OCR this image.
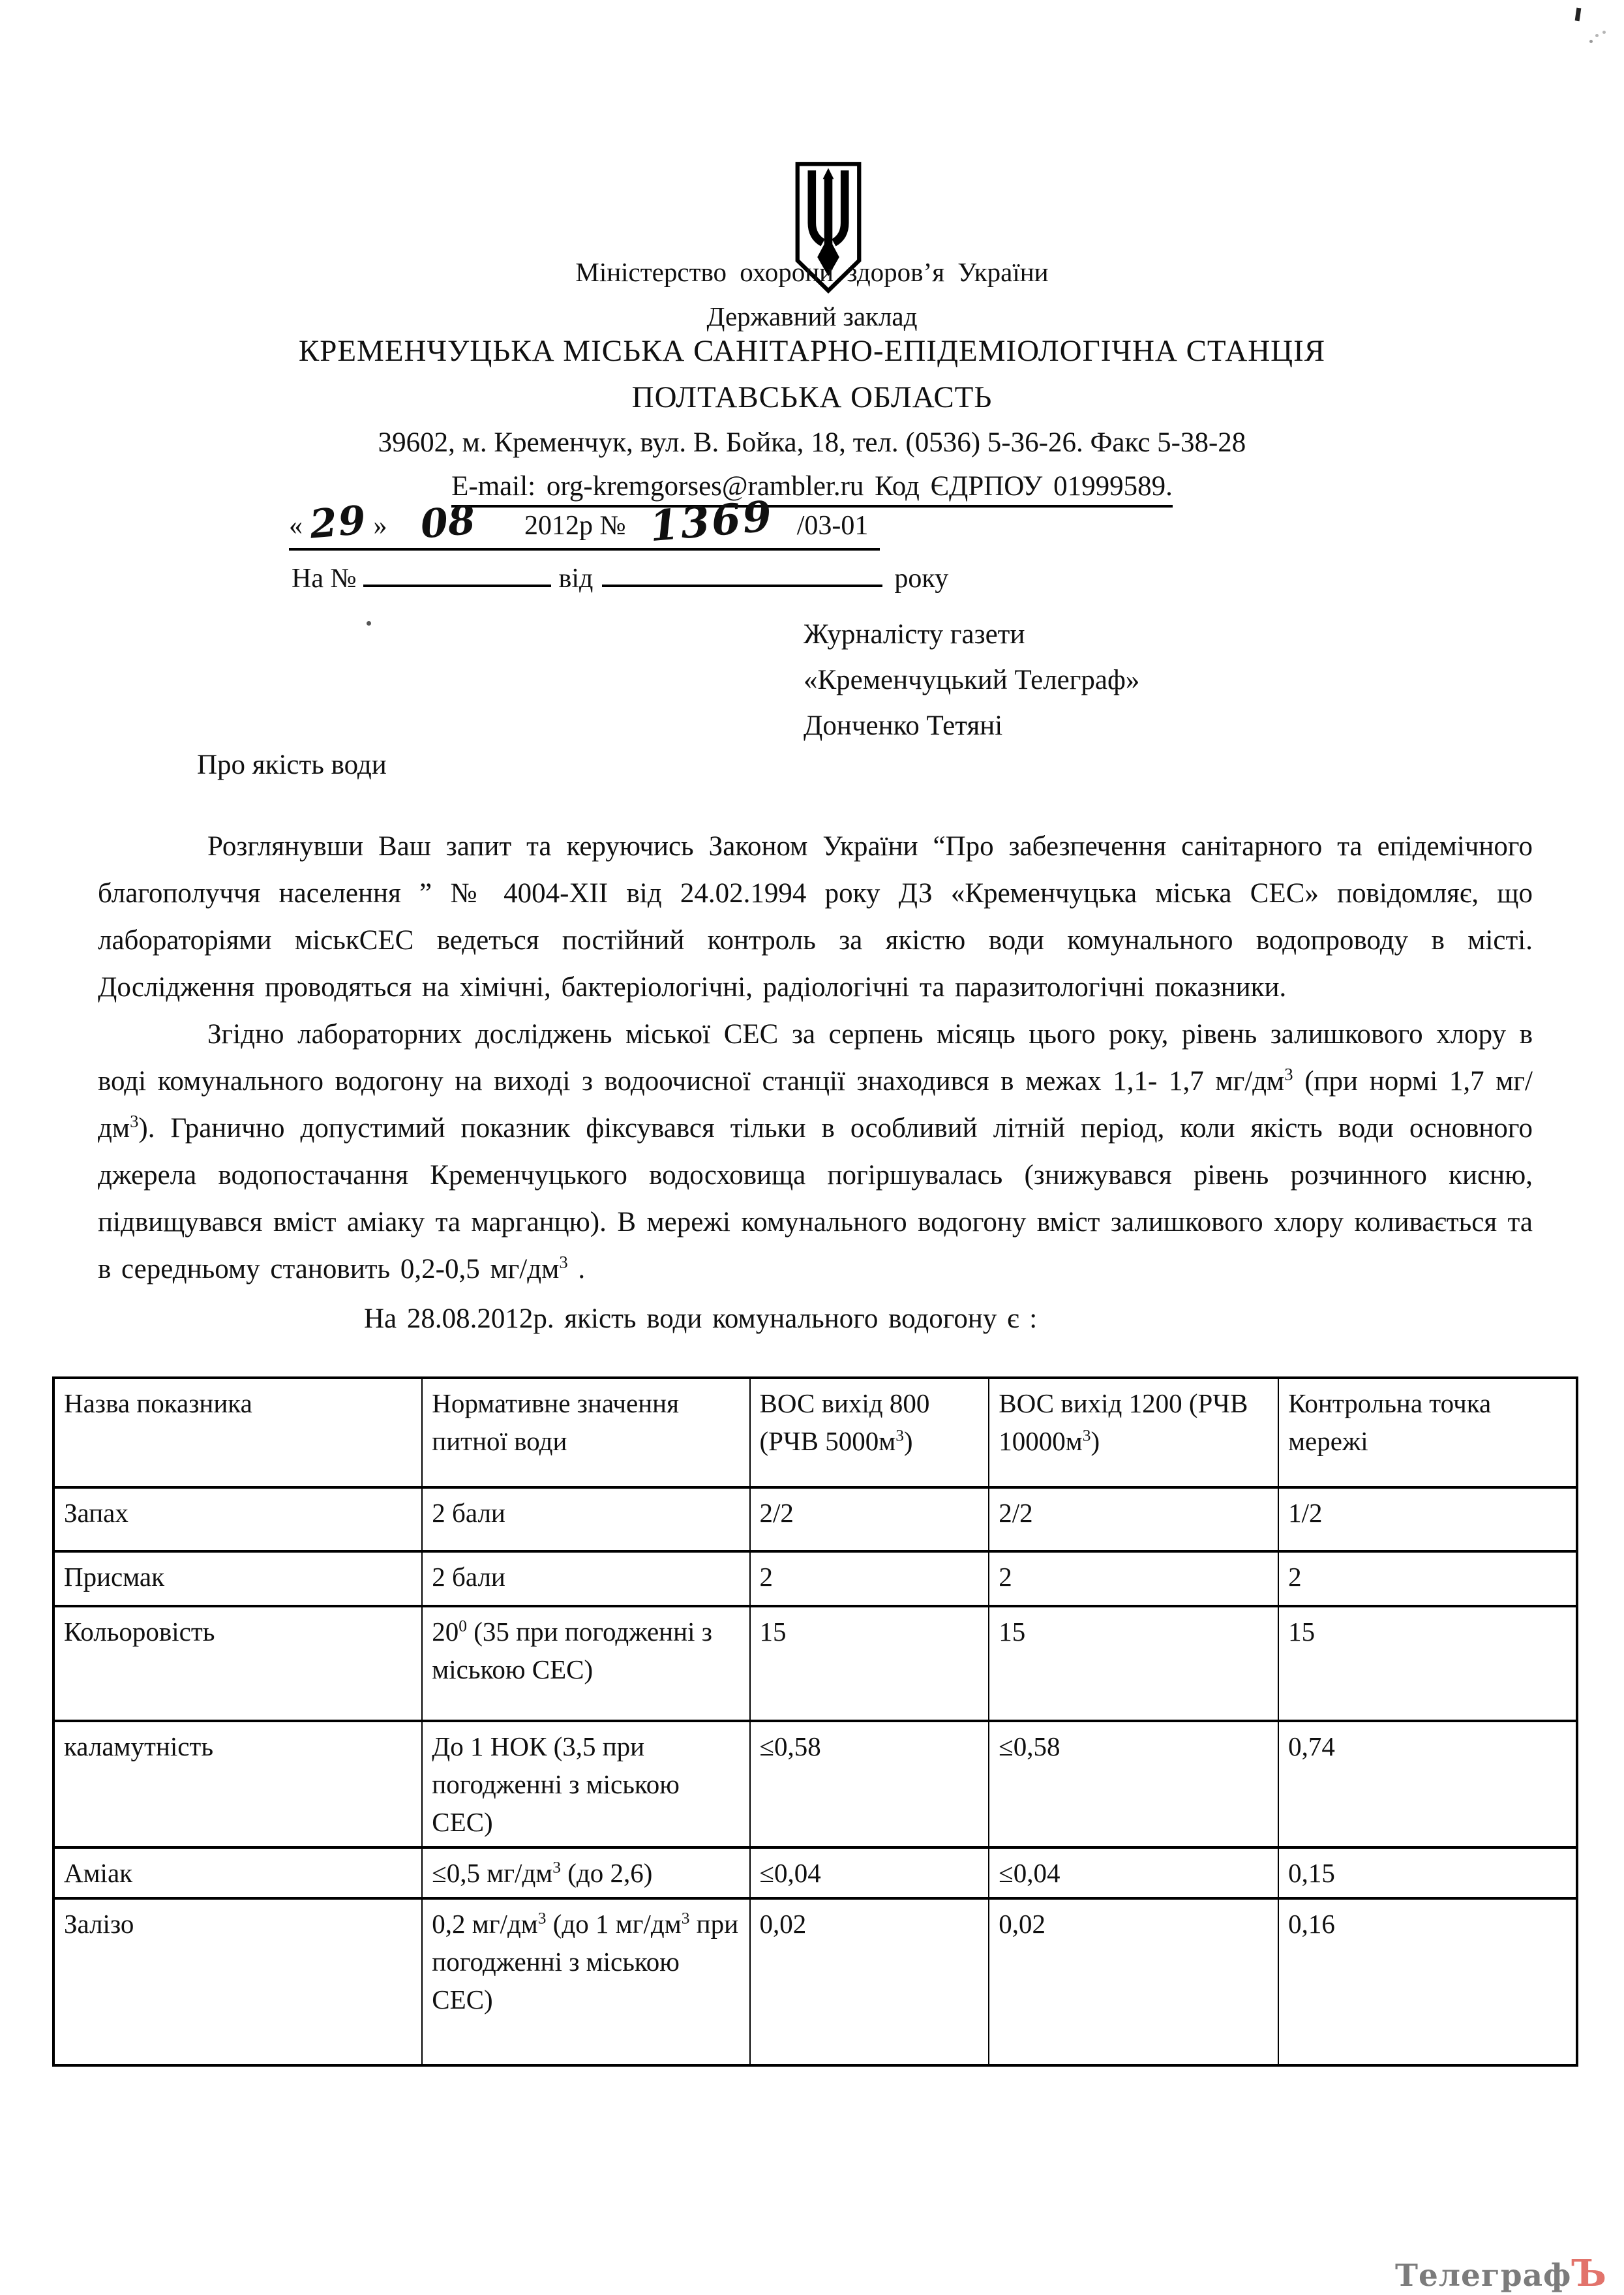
Міністерство охорони здоров’я України
Державний заклад
КРЕМЕНЧУЦЬКА МІСЬКА САНІТАРНО-ЕПІДЕМІОЛОГІЧНА СТАНЦІЯ
ПОЛТАВСЬКА ОБЛАСТЬ
39602, м. Кременчук, вул. В. Бойка, 18, тел. (0536) 5-36-26. Факс 5-38-28
E-mail: org-kremgorses@rambler.ru Код ЄДРПОУ 01999589.
« 29 » 08 2012р № 1369 /03-01
На №	від	року
Журналісту газети
«Кременчуцький Телеграф»
Донченко Тетяні
Про якість води

Розглянувши Ваш запит та керуючись Законом України “Про забезпечення санітарного та епідемічного благополуччя населення ” № 4004-XII від 24.02.1994 року ДЗ «Кременчуцька міська СЕС» повідомляє, що лабораторіями міськСЕС ведеться постійний контроль за якістю води комунального водопроводу в місті. Дослідження проводяться на хімічні, бактеріологічні, радіологічні та паразитологічні показники.

Згідно лабораторних досліджень міської СЕС за серпень місяць цього року, рівень залишкового хлору в воді комунального водогону на виході з водоочисної станції знаходився в межах 1,1- 1,7 $мг/дм^3$ (при нормі 1,7 $мг/дм^3$). Гранично допустимий показник фіксувався тільки в особливий літній період, коли якість води основного джерела водопостачання Кременчуцького водосховища погіршувалась (знижувався рівень розчинного кисню, підвищувався вміст аміаку та марганцю). В мережі комунального водогону вміст залишкового хлору коливається та в середньому становить 0,2-0,5 $мг/дм^3$ .

На 28.08.2012р. якість води комунального водогону є :

Назва показника	Нормативне значення питної води	ВОС вихід 800 (РЧВ $5000м^3$)	ВОС вихід 1200 (РЧВ $10000м^3$)	Контрольна точка мережі
Запах	2 бали	2/2	2/2	1/2
Присмак	2 бали	2	2	2
Кольоровість	$20^0$ (35 при погодженні з міською СЕС)	15	15	15
каламутність	До 1 НОК (3,5 при погодженні з міською СЕС)	≤0,58	≤0,58	0,74
Аміак	≤0,5 $мг/дм^3$ (до 2,6)	≤0,04	≤0,04	0,15
Залізо	0,2 $мг/дм^3$ (до 1 $мг/дм^3$ при погодженні з міською СЕС)	0,02	0,02	0,16
ТелеграфЪ
